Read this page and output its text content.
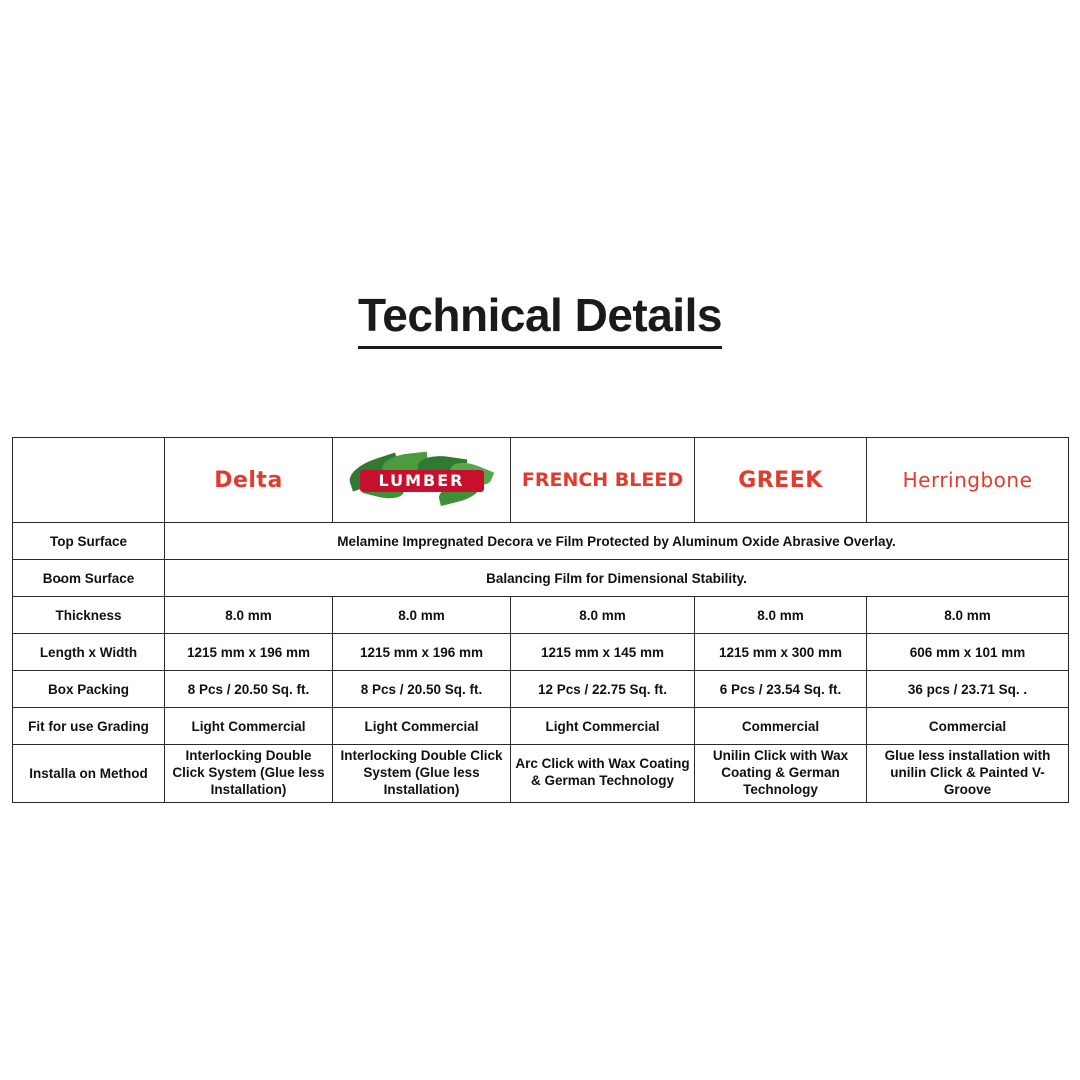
Technical Details
	Delta	LUMBER	FRENCH BLEED	GREEK	Herringbone
Top Surface	Melamine Impregnated Decora ve Film Protected by Aluminum Oxide Abrasive Overlay.				
Bo̵om Surface	Balancing Film for Dimensional Stability.				
Thickness	8.0 mm	8.0 mm	8.0 mm	8.0 mm	8.0 mm
Length x Width	1215 mm x 196 mm	1215 mm x 196 mm	1215 mm x 145 mm	1215 mm x 300 mm	606 mm x 101 mm
Box Packing	8 Pcs / 20.50 Sq. ft.	8 Pcs / 20.50 Sq. ft.	12 Pcs / 22.75 Sq. ft.	6 Pcs / 23.54 Sq. ft.	36 pcs / 23.71 Sq. .
Fit for use Grading	Light Commercial	Light Commercial	Light Commercial	Commercial	Commercial
Installa on Method	Interlocking Double Click System (Glue less Installation)	Interlocking Double Click System (Glue less Installation)	Arc Click with Wax Coating & German Technology	Unilin Click with Wax Coating & German Technology	Glue less installation with unilin Click & Painted V- Groove
